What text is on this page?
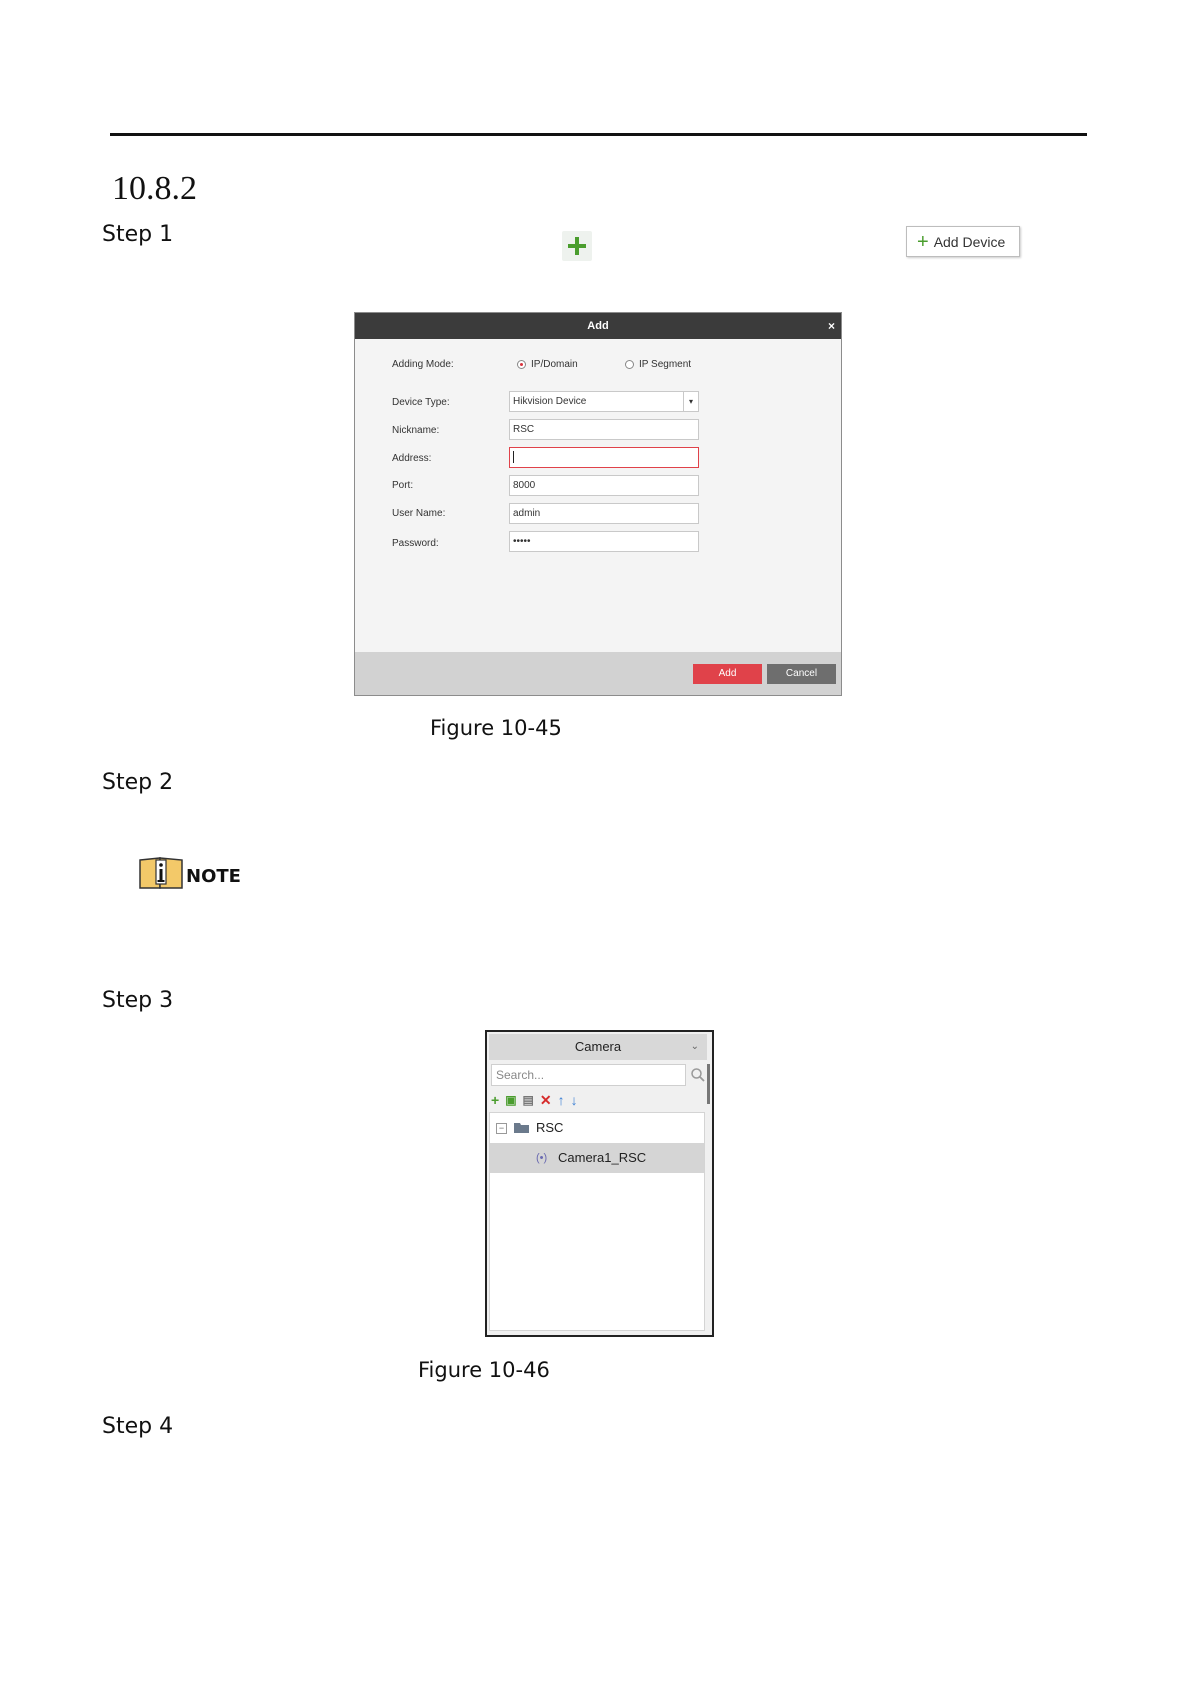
10.8.2
Step 1	+ Add Device
Add	×
Adding Mode:	IP/Domain	IP Segment
Device Type:	Hikvision Device	▾
Nickname:	RSC
Address:
Port:	8000
User Name:	admin
Password:	•••••
Add	Cancel
Figure 10-45
Step 2
NOTE
Step 3
Camera	⌄
Search...
+ ▣ ▤ ✕ ↑ ↓
− RSC
(•) Camera1_RSC
Figure 10-46
Step 4
